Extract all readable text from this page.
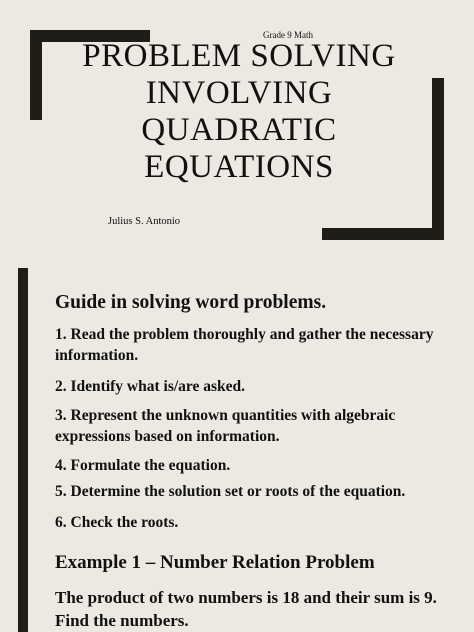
Grade 9 Math
PROBLEM SOLVING
INVOLVING
QUADRATIC
EQUATIONS
Julius S. Antonio
Guide in solving word problems.
1. Read the problem thoroughly and gather the necessary information.
2. Identify what is/are asked.
3. Represent the unknown quantities with algebraic expressions based on information.
4. Formulate the equation.
5. Determine the solution set or roots of the equation.
6. Check the roots.
Example 1 – Number Relation Problem
The product of two numbers is 18 and their sum is 9. Find the numbers.
